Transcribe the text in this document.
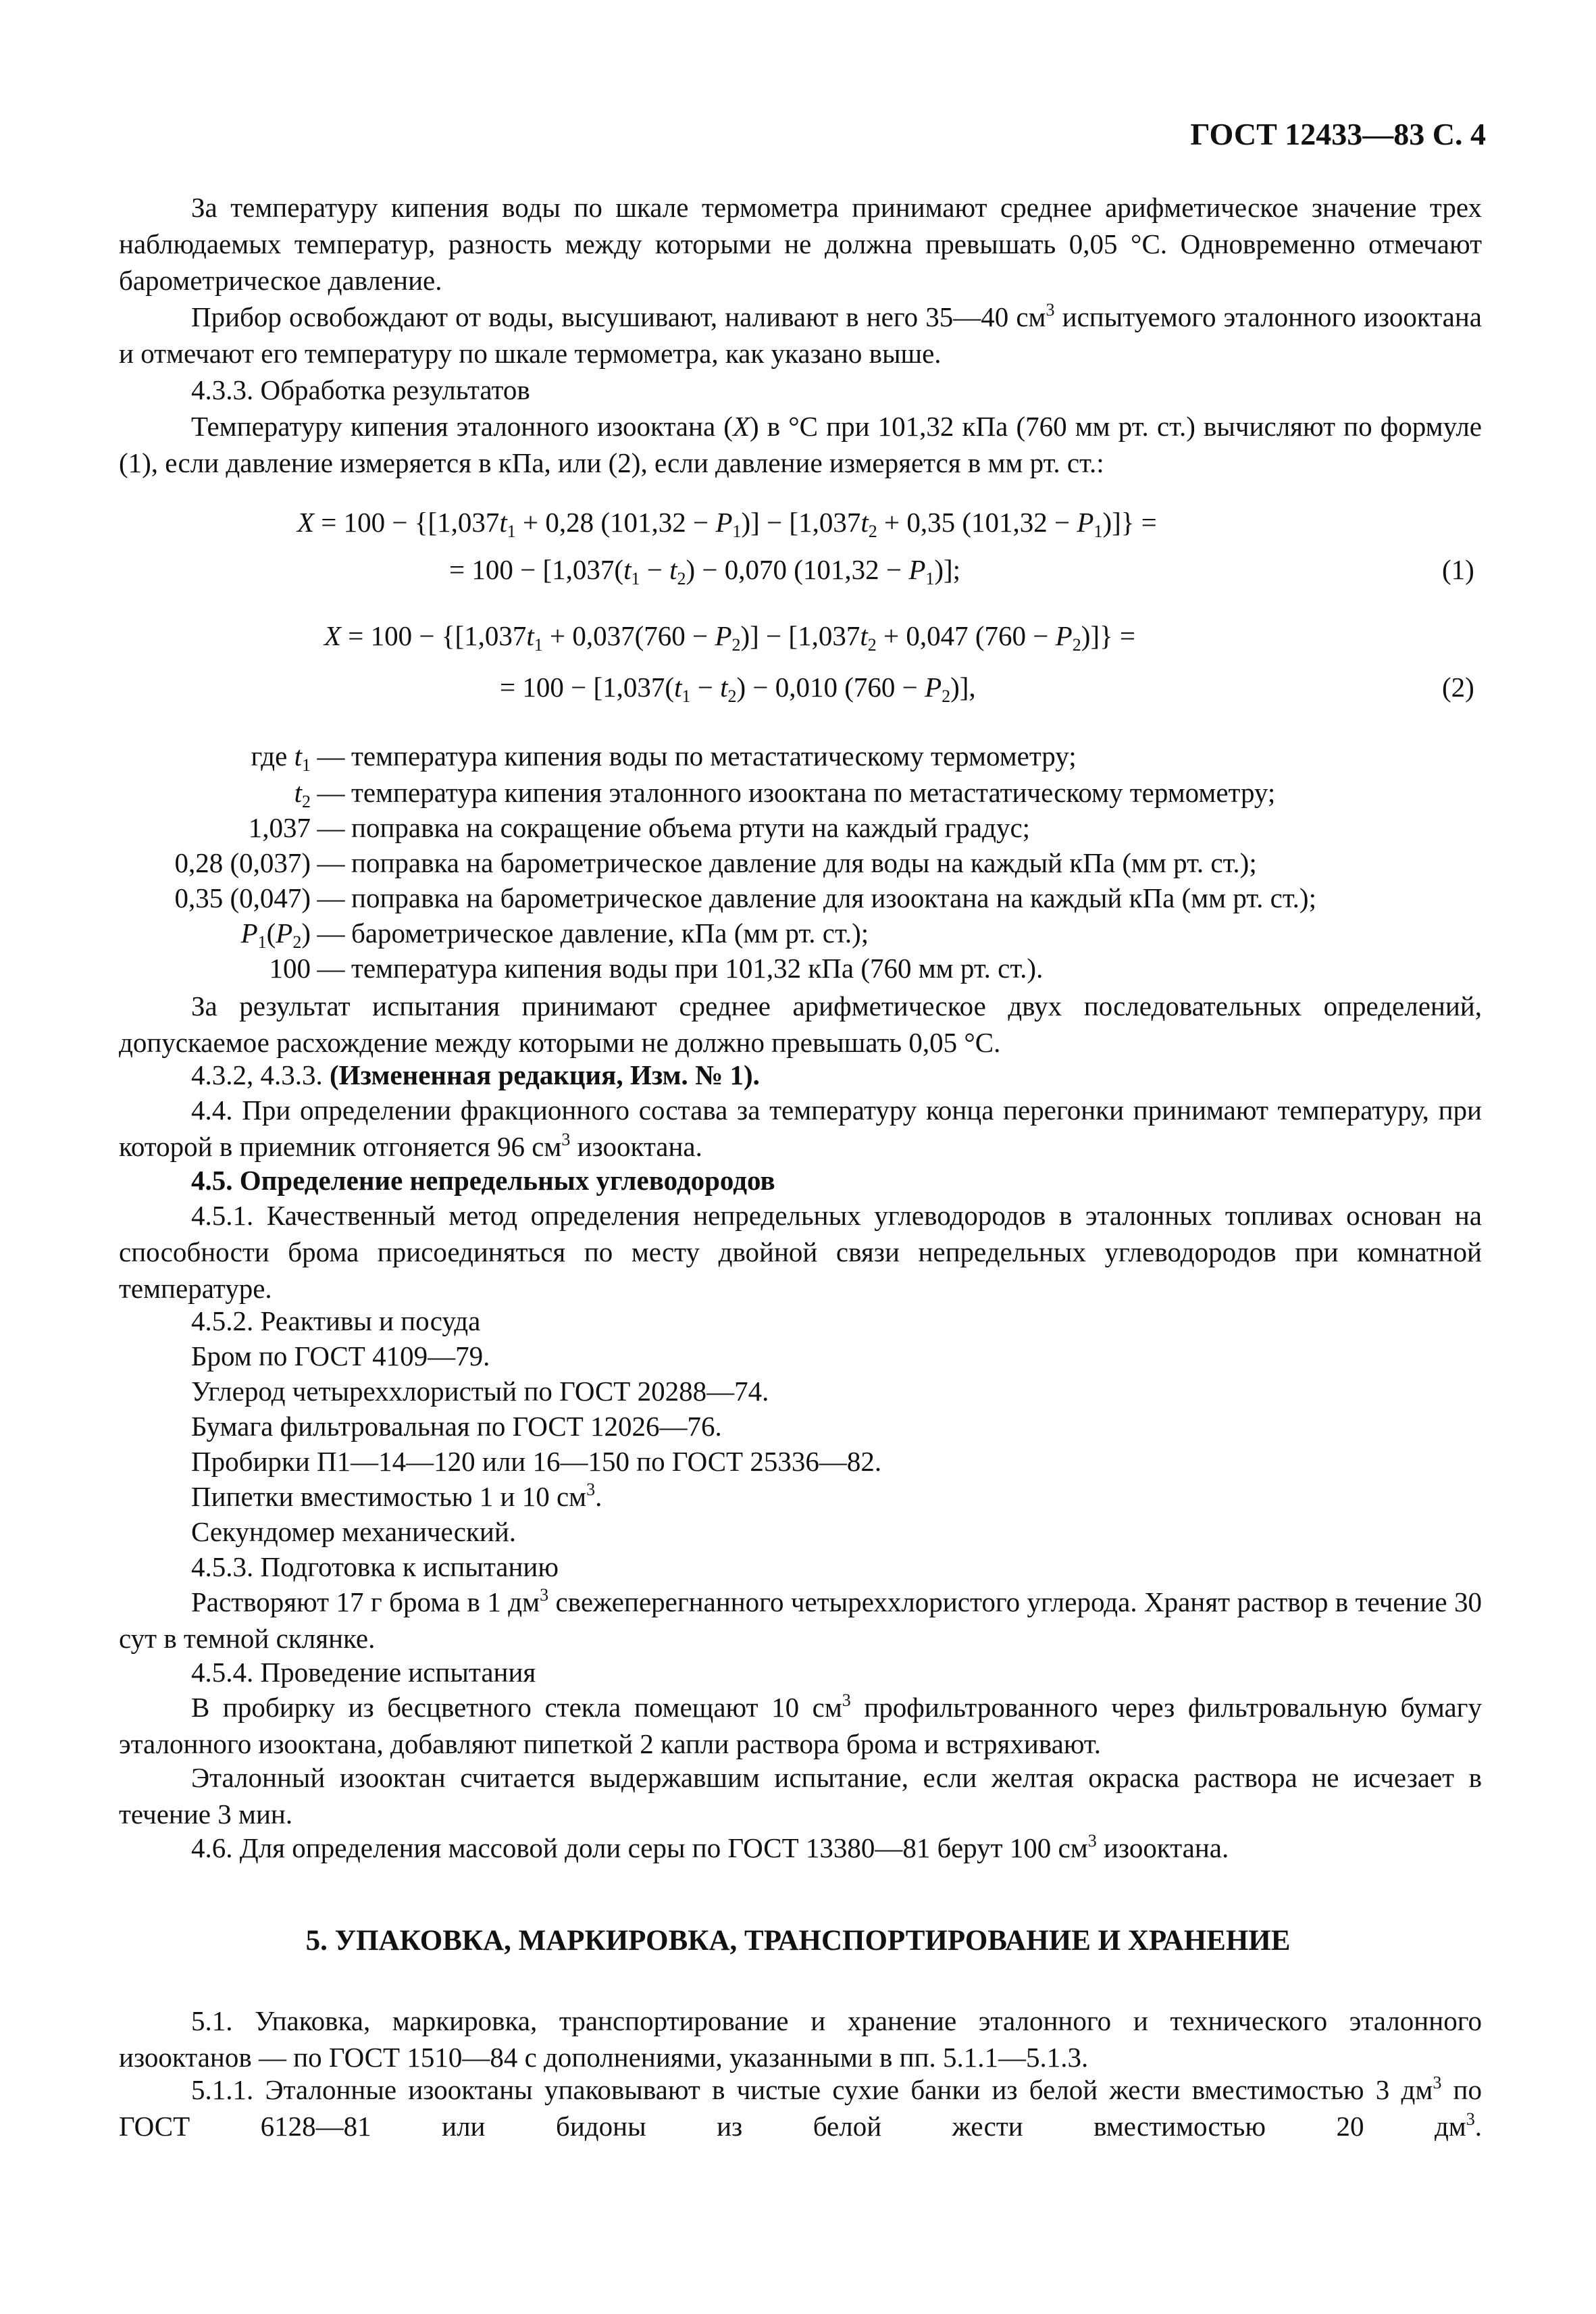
ГОСТ 12433—83 С. 4

За температуру кипения воды по шкале термометра принимают среднее арифметическое значение трех наблюдаемых температур, разность между которыми не должна превышать 0,05 °С. Одновременно отмечают барометрическое давление.

Прибор освобождают от воды, высушивают, наливают в него 35—40 $см^3$ испытуемого эталонного изооктана и отмечают его температуру по шкале термометра, как указано выше.

4.3.3. Обработка результатов

Температуру кипения эталонного изооктана (X) в °С при 101,32 кПа (760 мм рт. ст.) вычисляют по формуле (1), если давление измеряется в кПа, или (2), если давление измеряется в мм рт. ст.:

$X = 100 - \{[1,037t_1 + 0,28$ $(101,32 - P_1)] - [1,037t_2 + 0,35$ $(101,32 - P_1)$]} =
= $100 - [1,037(t_1 - t_2) - 0,070$ $(101,32 - P_1)$];	(1)
$X = 100 - \{[1,037t_1 + 0,037(760 - P_2)] - [1,037t_2 + 0,047$ $(760 - P_2)$]} =
= $100 - [1,037(t_1 - t_2) - 0,010$ $(760 - P_2)$],	(2)
где $t_1$ — температура кипения воды по метастатическому термометру;
$t_2$ — температура кипения эталонного изооктана по метастатическому термометру;
1,037 — поправка на сокращение объема ртути на каждый градус;
0,28 (0,037) — поправка на барометрическое давление для воды на каждый кПа (мм рт. ст.);
0,35 (0,047) — поправка на барометрическое давление для изооктана на каждый кПа (мм рт. ст.);
$P_1(P_2)$ — барометрическое давление, кПа (мм рт. ст.);
100 — температура кипения воды при 101,32 кПа (760 мм рт. ст.).

За результат испытания принимают среднее арифметическое двух последовательных определений, допускаемое расхождение между которыми не должно превышать 0,05 °С.

4.3.2, 4.3.3. (Измененная редакция, Изм. № 1).

4.4. При определении фракционного состава за температуру конца перегонки принимают температуру, при которой в приемник отгоняется 96 $см^3$ изооктана.

4.5. Определение непредельных углеводородов

4.5.1. Качественный метод определения непредельных углеводородов в эталонных топливах основан на способности брома присоединяться по месту двойной связи непредельных углеводородов при комнатной температуре.

4.5.2. Реактивы и посуда

Бром по ГОСТ 4109—79.

Углерод четыреххлористый по ГОСТ 20288—74.

Бумага фильтровальная по ГОСТ 12026—76.

Пробирки П1—14—120 или 16—150 по ГОСТ 25336—82.

Пипетки вместимостью 1 и 10 $см^3$.

Секундомер механический.

4.5.3. Подготовка к испытанию

Растворяют 17 г брома в 1 $дм^3$ свежеперегнанного четыреххлористого углерода. Хранят раствор в течение 30 сут в темной склянке.

4.5.4. Проведение испытания

В пробирку из бесцветного стекла помещают 10 $см^3$ профильтрованного через фильтровальную бумагу эталонного изооктана, добавляют пипеткой 2 капли раствора брома и встряхивают.

Эталонный изооктан считается выдержавшим испытание, если желтая окраска раствора не исчезает в течение 3 мин.

4.6. Для определения массовой доли серы по ГОСТ 13380—81 берут 100 $см^3$ изооктана.

5. УПАКОВКА, МАРКИРОВКА, ТРАНСПОРТИРОВАНИЕ И ХРАНЕНИЕ

5.1. Упаковка, маркировка, транспортирование и хранение эталонного и технического эталонного изооктанов — по ГОСТ 1510—84 с дополнениями, указанными в пп. 5.1.1—5.1.3.

5.1.1. Эталонные изооктаны упаковывают в чистые сухие банки из белой жести вместимостью 3 $дм^3$ по ГОСТ 6128—81 или бидоны из белой жести вместимостью 20 $дм^3$.
